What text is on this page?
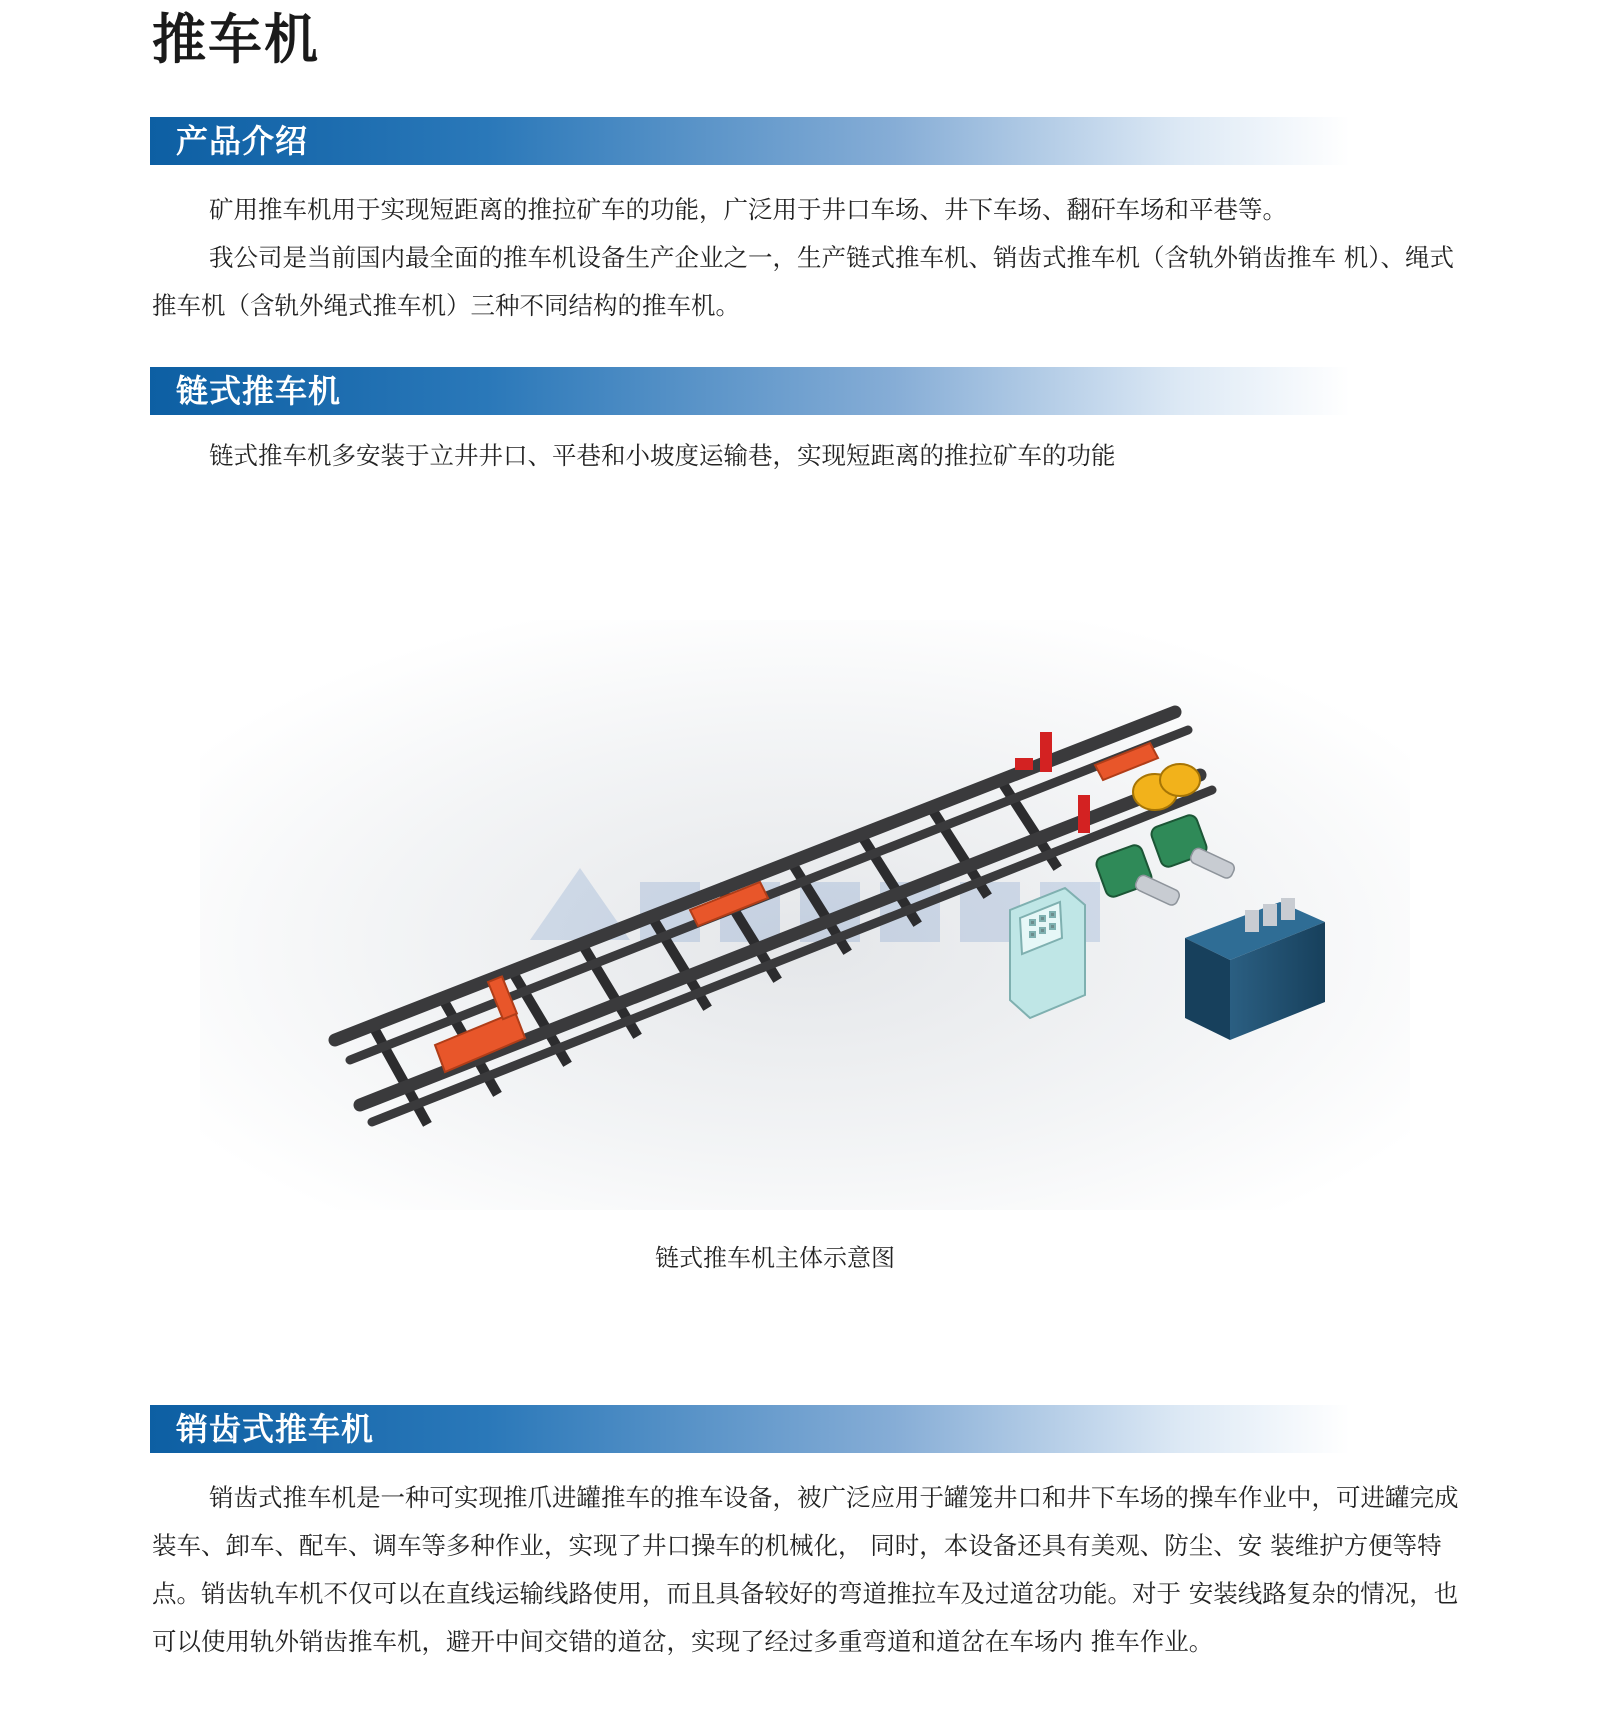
推车机
产品介绍

矿用推车机用于实现短距离的推拉矿车的功能，广泛用于井口车场、井下车场、翻矸车场和平巷等。

我公司是当前国内最全面的推车机设备生产企业之一，生产链式推车机、销齿式推车机（含轨外销齿推车 机）、绳式推车机（含轨外绳式推车机）三种不同结构的推车机。

链式推车机

链式推车机多安装于立井井口、平巷和小坡度运输巷，实现短距离的推拉矿车的功能

链式推车机主体示意图
销齿式推车机

销齿式推车机是一种可实现推爪进罐推车的推车设备，被广泛应用于罐笼井口和井下车场的操车作业中，可进罐完成装车、卸车、配车、调车等多种作业，实现了井口操车的机械化， 同时，本设备还具有美观、防尘、安 装维护方便等特点。销齿轨车机不仅可以在直线运输线路使用，而且具备较好的弯道推拉车及过道岔功能。对于 安装线路复杂的情况，也可以使用轨外销齿推车机，避开中间交错的道岔，实现了经过多重弯道和道岔在车场内 推车作业。
